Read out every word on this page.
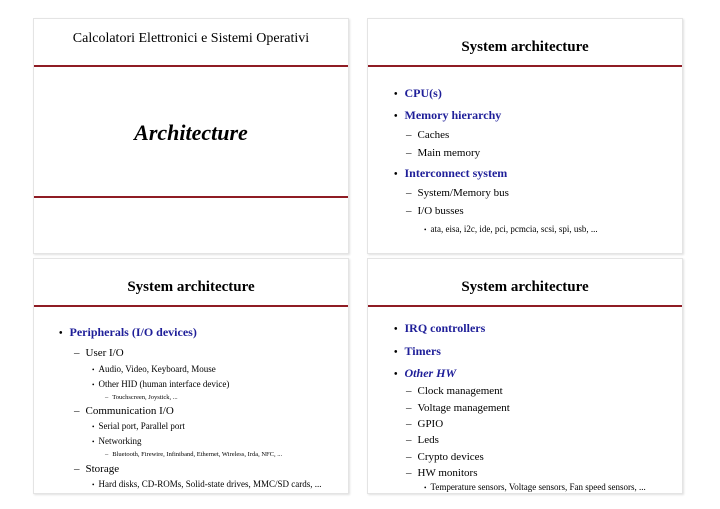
Calcolatori Elettronici e Sistemi Operativi
Architecture
System architecture
• CPU(s)
• Memory hierarchy
– Caches
– Main memory
• Interconnect system
– System/Memory bus
– I/O busses
• ata, eisa, i2c, ide, pci, pcmcia, scsi, spi, usb, ...
System architecture
• Peripherals (I/O devices)
– User I/O
• Audio, Video, Keyboard, Mouse
• Other HID (human interface device)
– Touchscreen, Joystick, ...
– Communication I/O
• Serial port, Parallel port
• Networking
– Bluetooth, Firewire, Infiniband, Ethernet, Wireless, Irda, NFC, ...
– Storage
• Hard disks, CD-ROMs, Solid-state drives, MMC/SD cards, ...
System architecture
• IRQ controllers
• Timers
• Other HW
– Clock management
– Voltage management
– GPIO
– Leds
– Crypto devices
– HW monitors
• Temperature sensors, Voltage sensors, Fan speed sensors, ...
